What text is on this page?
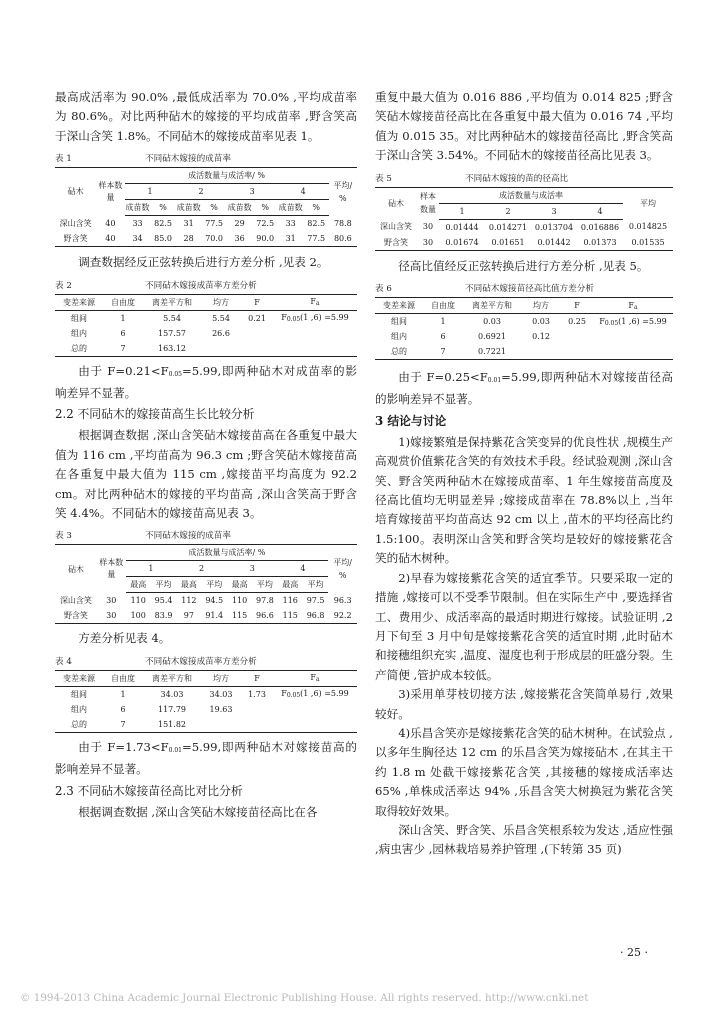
最高成活率为 90.0% ,最低成活率为 70.0% ,平均成苗率为 80.6%。对比两种砧木的嫁接的平均成苗率 ,野含笑高于深山含笑 1.8%。不同砧木的嫁接成苗率见表 1。

表 1	不同砧木嫁接的成苗率
砧木	样本数量	成活数量与成活率/ %								平均/ %
		1		2		3		4		
		成苗数	%	成苗数	%	成苗数	%	成苗数	%	
深山含笑	40	33	82.5	31	77.5	29	72.5	33	82.5	78.8
野含笑	40	34	85.0	28	70.0	36	90.0	31	77.5	80.6

调查数据经反正弦转换后进行方差分析 ,见表 2。

表 2	不同砧木嫁接成苗率方差分析
变差来源	自由度	离差平方和	均方	F	Fa
组间	1	5.54	5.54	0.21	F0.05(1 ,6) =5.99
组内	6	157.57	26.6		
总的	7	163.12			

由于 F=0.21<F0.05=5.99,即两种砧木对成苗率的影响差异不显著。

2.2 不同砧木的嫁接苗高生长比较分析

根据调查数据 ,深山含笑砧木嫁接苗高在各重复中最大值为 116 cm ,平均苗高为 96.3 cm ;野含笑砧木嫁接苗高在各重复中最大值为 115 cm ,嫁接苗平均高度为 92.2 cm。对比两种砧木的嫁接的平均苗高 ,深山含笑高于野含笑 4.4%。不同砧木的嫁接苗高见表 3。

表 3	不同砧木嫁接的成苗率
砧木	样本数量	成活数量与成活率/ %								平均/ %
		1		2		3		4		
		最高	平均	最高	平均	最高	平均	最高	平均	
深山含笑	30	110	95.4	112	94.5	110	97.8	116	97.5	96.3
野含笑	30	100	83.9	97	91.4	115	96.6	115	96.8	92.2

方差分析见表 4。

表 4	不同砧木嫁接成苗率方差分析
变差来源	自由度	离差平方和	均方	F	Fa
组间	1	34.03	34.03	1.73	F0.05(1 ,6) =5.99
组内	6	117.79	19.63		
总的	7	151.82			

由于 F=1.73<F0.01=5.99,即两种砧木对嫁接苗高的影响差异不显著。

2.3 不同砧木嫁接苗径高比对比分析

根据调查数据 ,深山含笑砧木嫁接苗径高比在各

重复中最大值为 0.016 886 ,平均值为 0.014 825 ;野含笑砧木嫁接苗径高比在各重复中最大值为 0.016 74 ,平均值为 0.015 35。对比两种砧木的嫁接苗径高比 ,野含笑高于深山含笑 3.54%。不同砧木的嫁接苗径高比见表 3。

表 5	不同砧木嫁接的苗的径高比
砧木	样本数量	成活数量与成活率				平均
		1	2	3	4	
深山含笑	30	0.01444	0.014271	0.013704	0.016886	0.014825
野含笑	30	0.01674	0.01651	0.01442	0.01373	0.01535

径高比值经反正弦转换后进行方差分析 ,见表 5。

表 6	不同砧木嫁接苗径高比值方差分析
变差来源	自由度	离差平方和	均方	F	Fa
组间	1	0.03	0.03	0.25	F0.05(1 ,6) =5.99
组内	6	0.6921	0.12		
总的	7	0.7221			

由于 F=0.25<F0.01=5.99,即两种砧木对嫁接苗径高的影响差异不显著。

3 结论与讨论

1)嫁接繁殖是保持紫花含笑变异的优良性状 ,规模生产高观赏价值紫花含笑的有效技术手段。经试验观测 ,深山含笑、野含笑两种砧木在嫁接成苗率、1 年生嫁接苗高度及径高比值均无明显差异 ;嫁接成苗率在 78.8%以上 ,当年培育嫁接苗平均苗高达 92 cm 以上 ,苗木的平均径高比约 1.5:100。表明深山含笑和野含笑均是较好的嫁接紫花含笑的砧木树种。

2)早春为嫁接紫花含笑的适宜季节。只要采取一定的措施 ,嫁接可以不受季节限制。但在实际生产中 ,要选择省工、费用少、成活率高的最适时期进行嫁接。试验证明 ,2 月下旬至 3 月中旬是嫁接紫花含笑的适宜时期 ,此时砧木和接穗组织充实 ,温度、湿度也利于形成层的旺盛分裂。生产简便 ,管护成本较低。

3)采用单芽枝切接方法 ,嫁接紫花含笑简单易行 ,效果较好。

4)乐昌含笑亦是嫁接紫花含笑的砧木树种。在试验点 ,以多年生胸径达 12 cm 的乐昌含笑为嫁接砧木 ,在其主干约 1.8 m 处截干嫁接紫花含笑 ,其接穗的嫁接成活率达 65% ,单株成活率达 94% ,乐昌含笑大树换冠为紫花含笑取得较好效果。

深山含笑、野含笑、乐昌含笑根系较为发达 ,适应性强 ,病虫害少 ,园林栽培易养护管理 ,(下转第 35 页)

· 25 ·
© 1994-2013 China Academic Journal Electronic Publishing House. All rights reserved. http://www.cnki.net
